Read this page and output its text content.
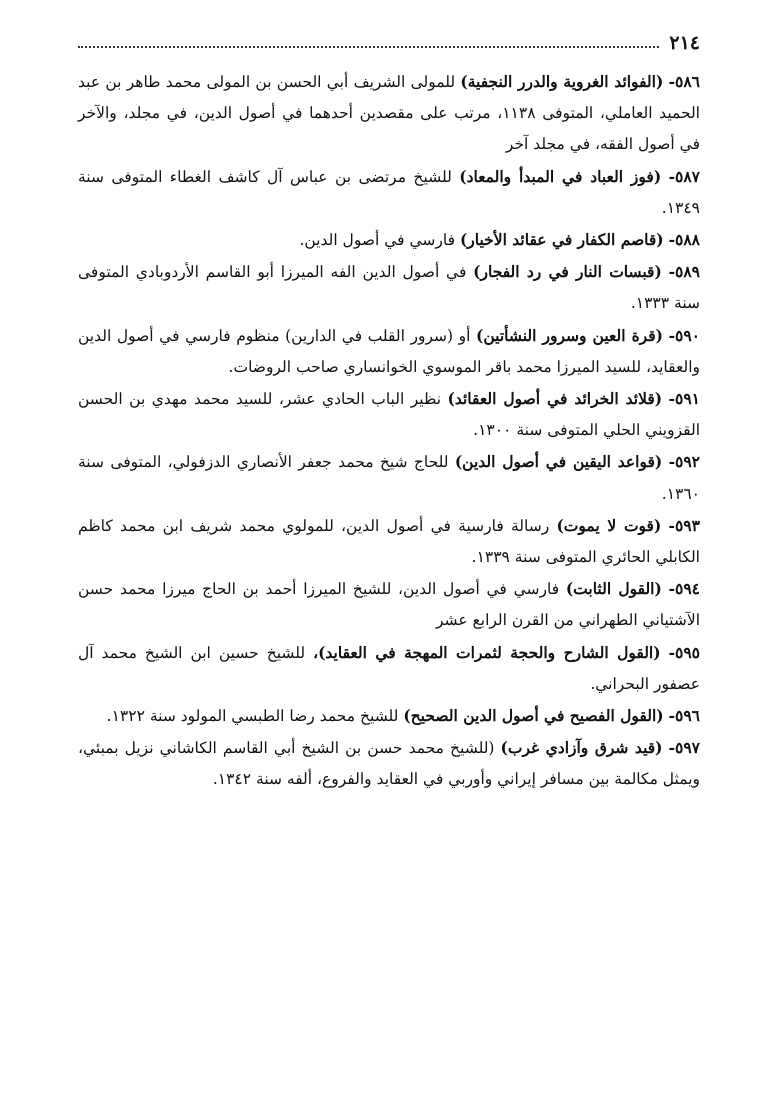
٢١٤

٥٨٦- (الفوائد الغروية والدرر النجفية) للمولى الشريف أبي الحسن بن المولى محمد طاهر بن عبد الحميد العاملي، المتوفى ١١٣٨، مرتب على مقصدين أحدهما في أصول الدين، في مجلد، والآخر في أصول الفقه، في مجلد آخر

٥٨٧- (فوز العباد في المبدأ والمعاد) للشيخ مرتضى بن عباس آل كاشف الغطاء المتوفى سنة ١٣٤٩.

٥٨٨- (قاصم الكفار في عقائد الأخيار) فارسي في أصول الدين.

٥٨٩- (قبسات النار في رد الفجار) في أصول الدين الفه الميرزا أبو القاسم الأردوبادي المتوفى سنة ١٣٣٣.

٥٩٠- (قرة العين وسرور النشأتين) أو (سرور القلب في الدارين) منظوم فارسي في أصول الدين والعقايد، للسيد الميرزا محمد باقر الموسوي الخوانساري صاحب الروضات.

٥٩١- (قلائد الخرائد في أصول العقائد) نظير الباب الحادي عشر، للسيد محمد مهدي بن الحسن القزويني الحلي المتوفى سنة ١٣٠٠.

٥٩٢- (قواعد اليقين في أصول الدين) للحاج شيخ محمد جعفر الأنصاري الدزفولي، المتوفى سنة ١٣٦٠.

٥٩٣- (قوت لا يموت) رسالة فارسية في أصول الدين، للمولوي محمد شريف ابن محمد كاظم الكابلي الحائري المتوفى سنة ١٣٣٩.

٥٩٤- (القول الثابت) فارسي في أصول الدين، للشيخ الميرزا أحمد بن الحاج ميرزا محمد حسن الآشتياني الطهراني من القرن الرابع عشر

٥٩٥- (القول الشارح والحجة لثمرات المهجة في العقايد)، للشيخ حسين ابن الشيخ محمد آل عصفور البحراني.

٥٩٦- (القول الفصيح في أصول الدين الصحيح) للشيخ محمد رضا الطبسي المولود سنة ١٣٢٢.

٥٩٧- (قيد شرق وآزادي غرب) (للشيخ محمد حسن بن الشيخ أبي القاسم الكاشاني نزيل بمبئي، ويمثل مكالمة بين مسافر إيراني وأوربي في العقايد والفروع، ألفه سنة ١٣٤٢.
